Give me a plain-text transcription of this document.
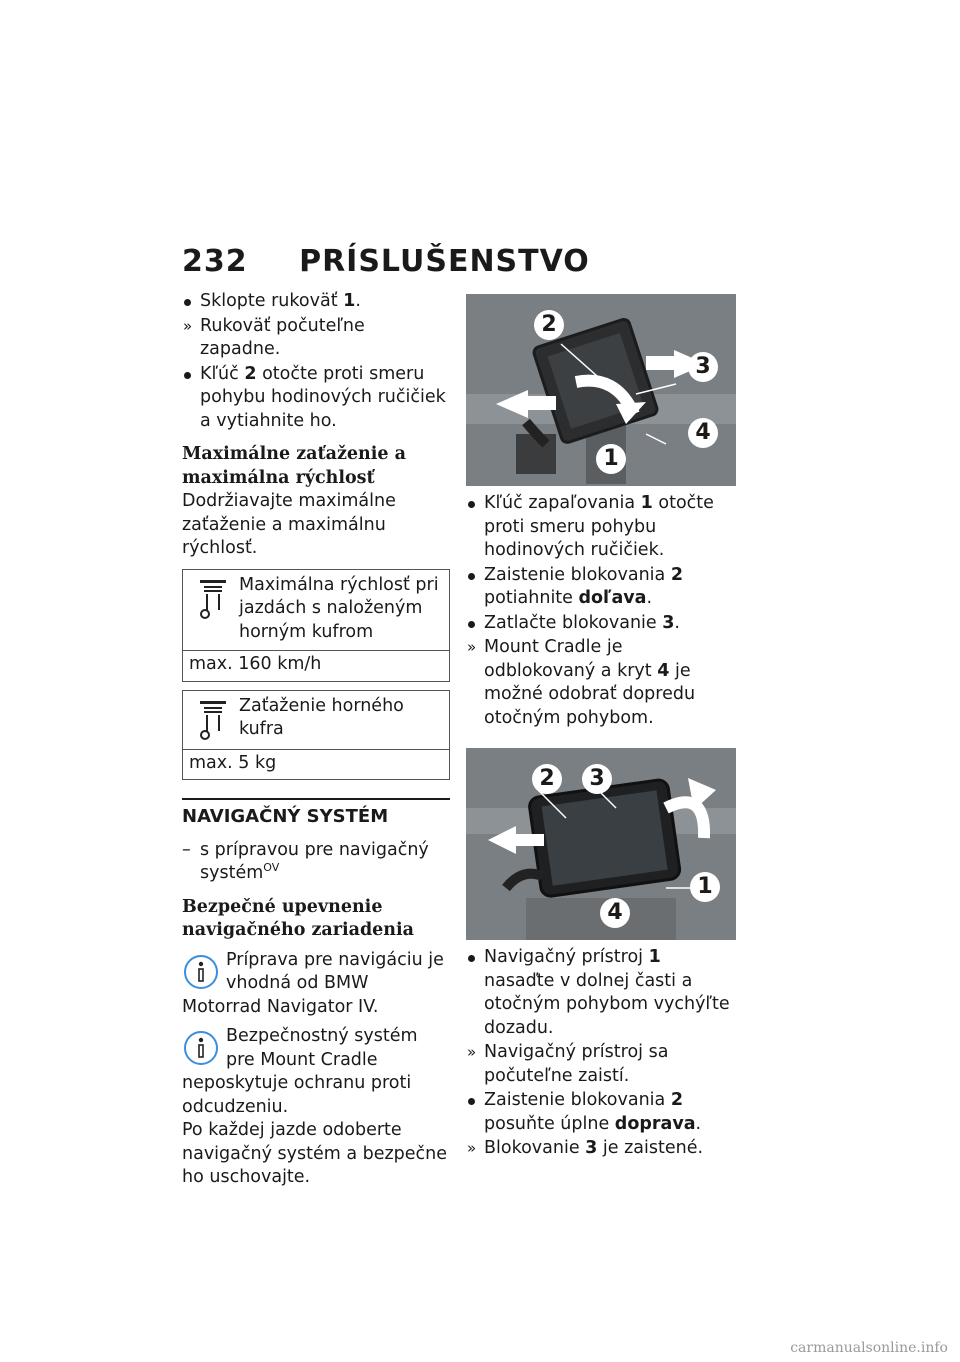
232 PRÍSLUŠENSTVO
Sklopte rukoväť 1.
» Rukoväť počuteľne zapadne.
Kľúč 2 otočte proti smeru pohybu hodinových ručičiek a vytiahnite ho.
Maximálne zaťaženie a maximálna rýchlosť

Dodržiavajte maximálne zaťaženie a maximálnu rýchlosť.

Maximálna rýchlosť pri jazdách s naloženým horným kufrom
max. 160 km/h
Zaťaženie horného kufra
max. 5 kg
NAVIGAČNÝ SYSTÉM
– s prípravou pre navigačný systém$^{OV}$
Bezpečné upevnenie navigačného zariadenia
Príprava pre navigáciu je vhodná od BMW Motorrad Navigator IV.
Bezpečnostný systém pre Mount Cradle neposkytuje ochranu proti odcudzeniu.

Po každej jazde odoberte navigačný systém a bezpečne ho uschovajte.

2
3
4
1
Kľúč zapaľovania 1 otočte proti smeru pohybu hodinových ručičiek.
Zaistenie blokovania 2 potiahnite doľava.
Zatlačte blokovanie 3.
» Mount Cradle je odblokovaný a kryt 4 je možné odobrať dopredu otočným pohybom.
2	3
1
4
Navigačný prístroj 1 nasaďte v dolnej časti a otočným pohybom vychýľte dozadu.
» Navigačný prístroj sa počuteľne zaistí.
Zaistenie blokovania 2 posuňte úplne doprava.
» Blokovanie 3 je zaistené.
carmanualsonline.info
